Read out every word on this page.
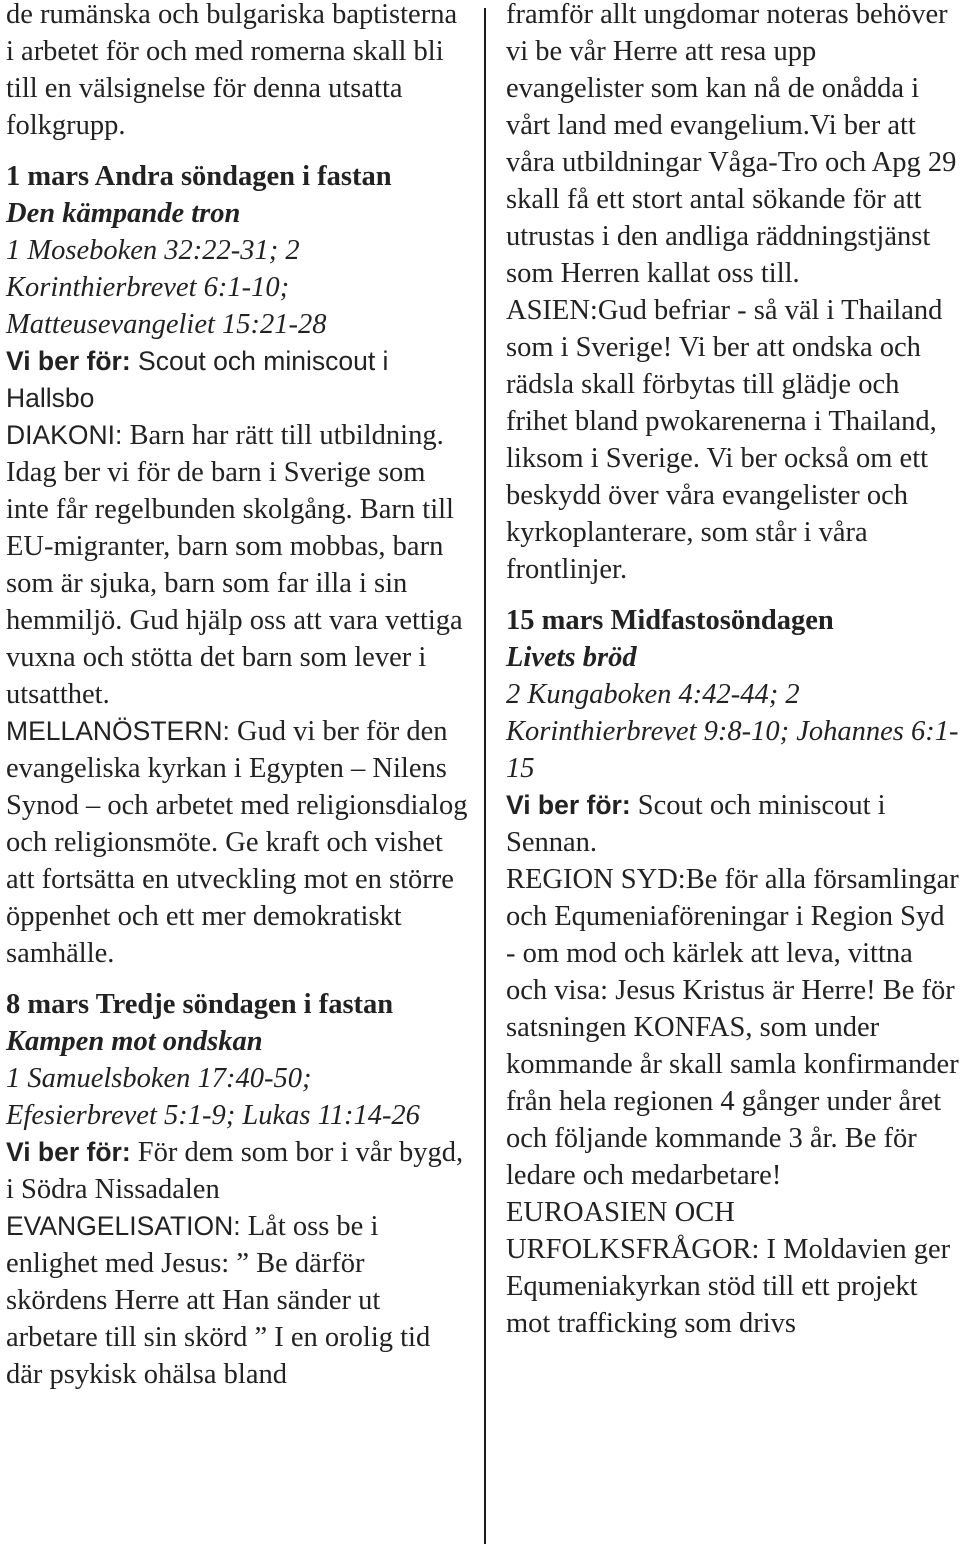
de rumänska och bulgariska baptisterna i arbetet för och med romerna skall bli till en välsignelse för denna utsatta folkgrupp.

1 mars Andra söndagen i fastan

Den kämpande tron

1 Moseboken 32:22-31; 2 Korinthierbrevet 6:1-10; Matteusevangeliet 15:21-28

Vi ber för: Scout och miniscout i Hallsbo

DIAKONI: Barn har rätt till utbildning. Idag ber vi för de barn i Sverige som inte får regelbunden skolgång. Barn till EU-migranter, barn som mobbas, barn som är sjuka, barn som far illa i sin hemmiljö. Gud hjälp oss att vara vettiga vuxna och stötta det barn som lever i utsatthet.

MELLANÖSTERN: Gud vi ber för den evangeliska kyrkan i Egypten – Nilens Synod – och arbetet med religionsdialog och religionsmöte. Ge kraft och vishet att fortsätta en utveckling mot en större öppenhet och ett mer demokratiskt samhälle.

8 mars Tredje söndagen i fastan

Kampen mot ondskan

1 Samuelsboken 17:40-50; Efesierbrevet 5:1-9; Lukas 11:14-26

Vi ber för: För dem som bor i vår bygd, i Södra Nissadalen

EVANGELISATION: Låt oss be i enlighet med Jesus: ” Be därför skördens Herre att Han sänder ut arbetare till sin skörd ” I en orolig tid där psykisk ohälsa bland

framför allt ungdomar noteras behöver vi be vår Herre att resa upp evangelister som kan nå de onådda i vårt land med evangelium.Vi ber att våra utbildningar Våga-Tro och Apg 29 skall få ett stort antal sökande för att utrustas i den andliga räddningstjänst som Herren kallat oss till.

ASIEN:Gud befriar - så väl i Thailand som i Sverige! Vi ber att ondska och rädsla skall förbytas till glädje och frihet bland pwokarenerna i Thailand, liksom i Sverige. Vi ber också om ett beskydd över våra evangelister och kyrkoplanterare, som står i våra frontlinjer.

15 mars Midfastosöndagen

Livets bröd

2 Kungaboken 4:42-44; 2 Korinthierbrevet 9:8-10; Johannes 6:1-15

Vi ber för: Scout och miniscout i Sennan.

REGION SYD:Be för alla församlingar och Equmeniaföreningar i Region Syd - om mod och kärlek att leva, vittna och visa: Jesus Kristus är Herre! Be för satsningen KONFAS, som under kommande år skall samla konfirmander från hela regionen 4 gånger under året och följande kommande 3 år. Be för ledare och medarbetare!

EUROASIEN OCH URFOLKSFRÅGOR: I Moldavien ger Equmeniakyrkan stöd till ett projekt mot trafficking som drivs
